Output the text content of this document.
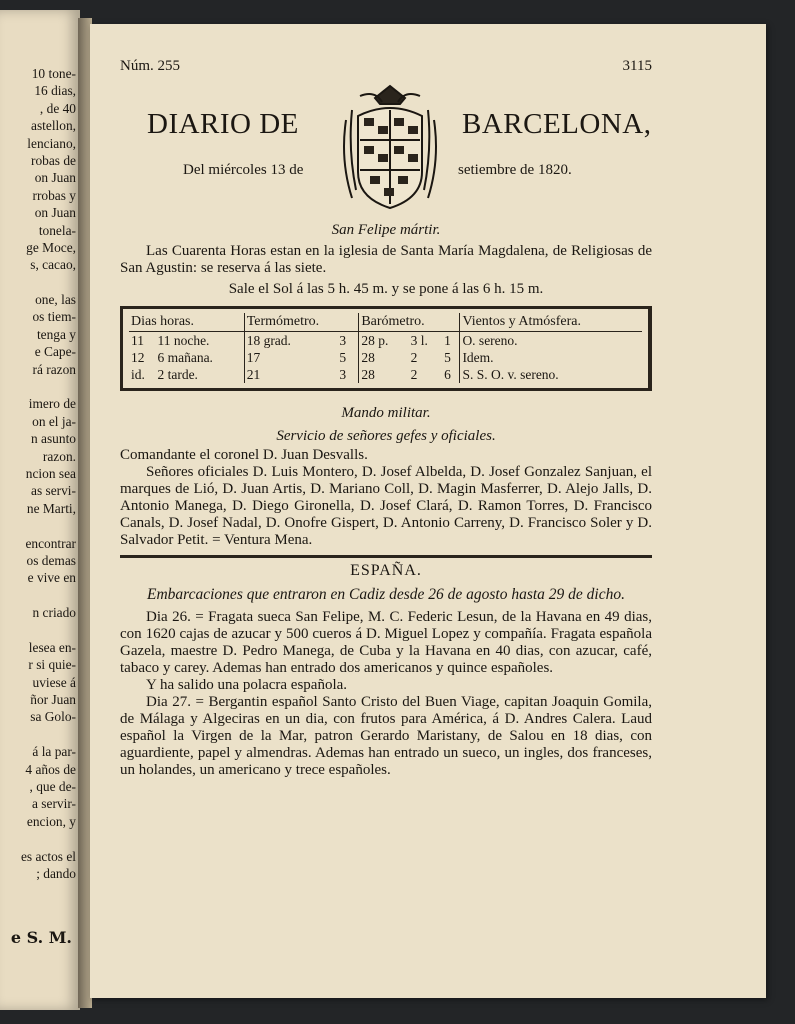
10 tone-
16 dias,
, de 40
astellon,
lenciano,
robas de
on Juan
rrobas y
on Juan
tonela-
ge Moce,
s, cacao,
one, las
os tiem-
tenga y
e Cape-
rá razon
imero de
on el ja-
n asunto
razon.
ncion sea
as servi-
ne Marti,
encontrar
os demas
e vive en
n criado
lesea en-
r si quie-
uviese á
ñor Juan
sa Golo-
á la par-
4 años de
, que de-
a servir-
encion, y
es actos el
; dando
e S. M.
Núm. 255	3115
DIARIO DE	BARCELONA,
Del miércoles 13 de	setiembre de 1820.
San Felipe mártir.
Las Cuarenta Horas estan en la iglesia de Santa María Magdalena, de Religiosas de San Agustin: se reserva á las siete.
Sale el Sol á las 5 h. 45 m. y se pone á las 6 h. 15 m.
Dias horas.		Termómetro.		Barómetro.			Vientos y Atmósfera.
11	11 noche.	18 grad.	3	28 p.	3 l.	1	O. sereno.
12	6 mañana.	17	5	28	2	5	Idem.
id.	2 tarde.	21	3	28	2	6	S. S. O. v. sereno.
Mando militar.
Servicio de señores gefes y oficiales.
Comandante el coronel D. Juan Desvalls.
Señores oficiales D. Luis Montero, D. Josef Albelda, D. Josef Gonzalez Sanjuan, el marques de Lió, D. Juan Artis, D. Mariano Coll, D. Magin Masferrer, D. Alejo Jalls, D. Antonio Manega, D. Diego Gironella, D. Josef Clará, D. Ramon Torres, D. Francisco Canals, D. Josef Nadal, D. Onofre Gispert, D. Antonio Carreny, D. Francisco Soler y D. Salvador Petit. = Ventura Mena.
ESPAÑA.
Embarcaciones que entraron en Cadiz desde 26 de agosto hasta 29 de dicho.
Dia 26. = Fragata sueca San Felipe, M. C. Federic Lesun, de la Havana en 49 dias, con 1620 cajas de azucar y 500 cueros á D. Miguel Lopez y compañía. Fragata española Gazela, maestre D. Pedro Manega, de Cuba y la Havana en 40 dias, con azucar, café, tabaco y carey. Ademas han entrado dos americanos y quince españoles.
Y ha salido una polacra española.
Dia 27. = Bergantin español Santo Cristo del Buen Viage, capitan Joaquin Gomila, de Málaga y Algeciras en un dia, con frutos para América, á D. Andres Calera. Laud español la Virgen de la Mar, patron Gerardo Maristany, de Salou en 18 dias, con aguardiente, papel y almendras. Ademas han entrado un sueco, un ingles, dos franceses, un holandes, un americano y trece españoles.
